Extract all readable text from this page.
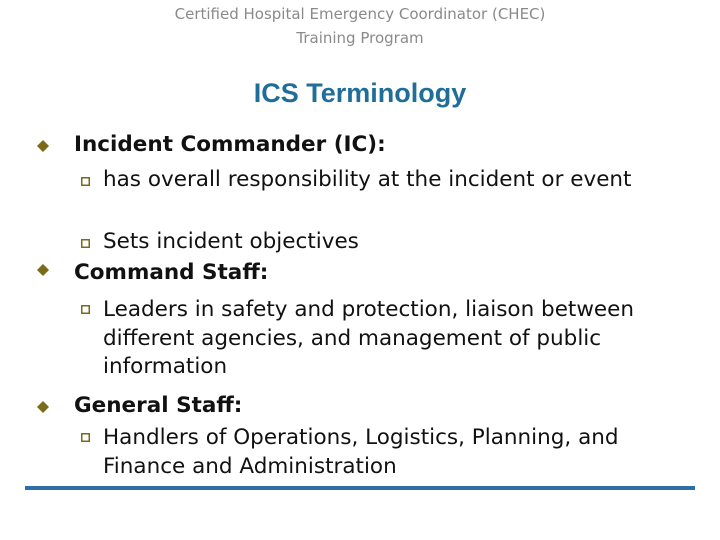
Certified Hospital Emergency Coordinator (CHEC)
Training Program
ICS Terminology
Incident Commander (IC):
has overall responsibility at the incident or event
Sets incident objectives
Command Staff:
Leaders in safety and protection, liaison between different agencies, and management of public information
General Staff:
Handlers of Operations, Logistics, Planning, and Finance and Administration
